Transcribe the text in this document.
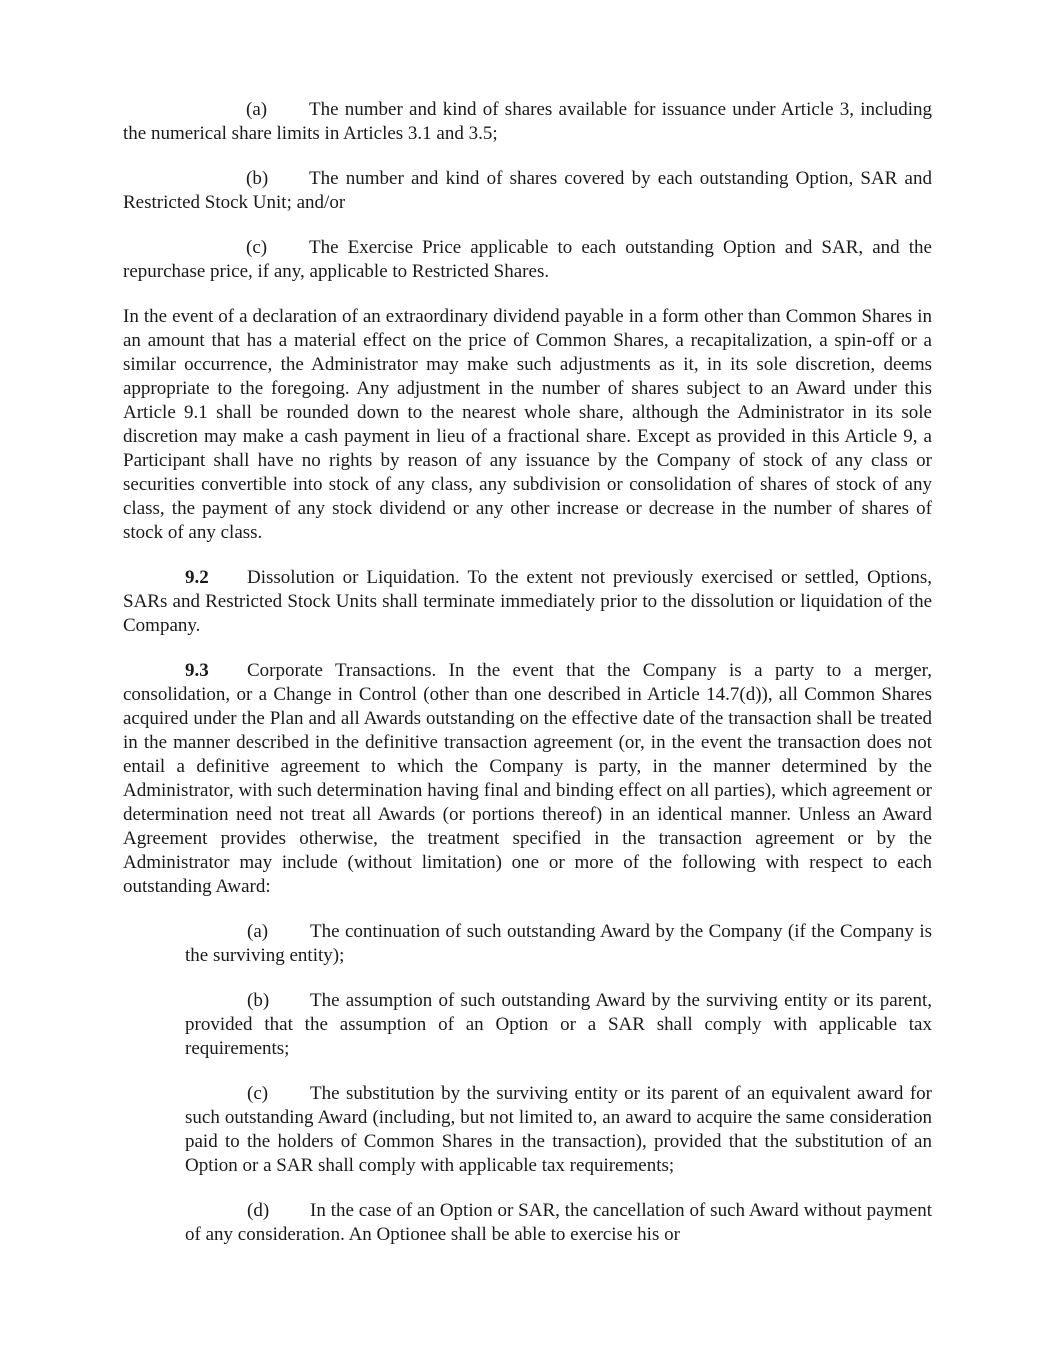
(a) The number and kind of shares available for issuance under Article 3, including the numerical share limits in Articles 3.1 and 3.5;

(b) The number and kind of shares covered by each outstanding Option, SAR and Restricted Stock Unit; and/or

(c) The Exercise Price applicable to each outstanding Option and SAR, and the repurchase price, if any, applicable to Restricted Shares.

In the event of a declaration of an extraordinary dividend payable in a form other than Common Shares in an amount that has a material effect on the price of Common Shares, a recapitalization, a spin-off or a similar occurrence, the Administrator may make such adjustments as it, in its sole discretion, deems appropriate to the foregoing. Any adjustment in the number of shares subject to an Award under this Article 9.1 shall be rounded down to the nearest whole share, although the Administrator in its sole discretion may make a cash payment in lieu of a fractional share. Except as provided in this Article 9, a Participant shall have no rights by reason of any issuance by the Company of stock of any class or securities convertible into stock of any class, any subdivision or consolidation of shares of stock of any class, the payment of any stock dividend or any other increase or decrease in the number of shares of stock of any class.

9.2 Dissolution or Liquidation. To the extent not previously exercised or settled, Options, SARs and Restricted Stock Units shall terminate immediately prior to the dissolution or liquidation of the Company.

9.3 Corporate Transactions. In the event that the Company is a party to a merger, consolidation, or a Change in Control (other than one described in Article 14.7(d)), all Common Shares acquired under the Plan and all Awards outstanding on the effective date of the transaction shall be treated in the manner described in the definitive transaction agreement (or, in the event the transaction does not entail a definitive agreement to which the Company is party, in the manner determined by the Administrator, with such determination having final and binding effect on all parties), which agreement or determination need not treat all Awards (or portions thereof) in an identical manner. Unless an Award Agreement provides otherwise, the treatment specified in the transaction agreement or by the Administrator may include (without limitation) one or more of the following with respect to each outstanding Award:

(a) The continuation of such outstanding Award by the Company (if the Company is the surviving entity);

(b) The assumption of such outstanding Award by the surviving entity or its parent, provided that the assumption of an Option or a SAR shall comply with applicable tax requirements;

(c) The substitution by the surviving entity or its parent of an equivalent award for such outstanding Award (including, but not limited to, an award to acquire the same consideration paid to the holders of Common Shares in the transaction), provided that the substitution of an Option or a SAR shall comply with applicable tax requirements;

(d) In the case of an Option or SAR, the cancellation of such Award without payment of any consideration. An Optionee shall be able to exercise his or
